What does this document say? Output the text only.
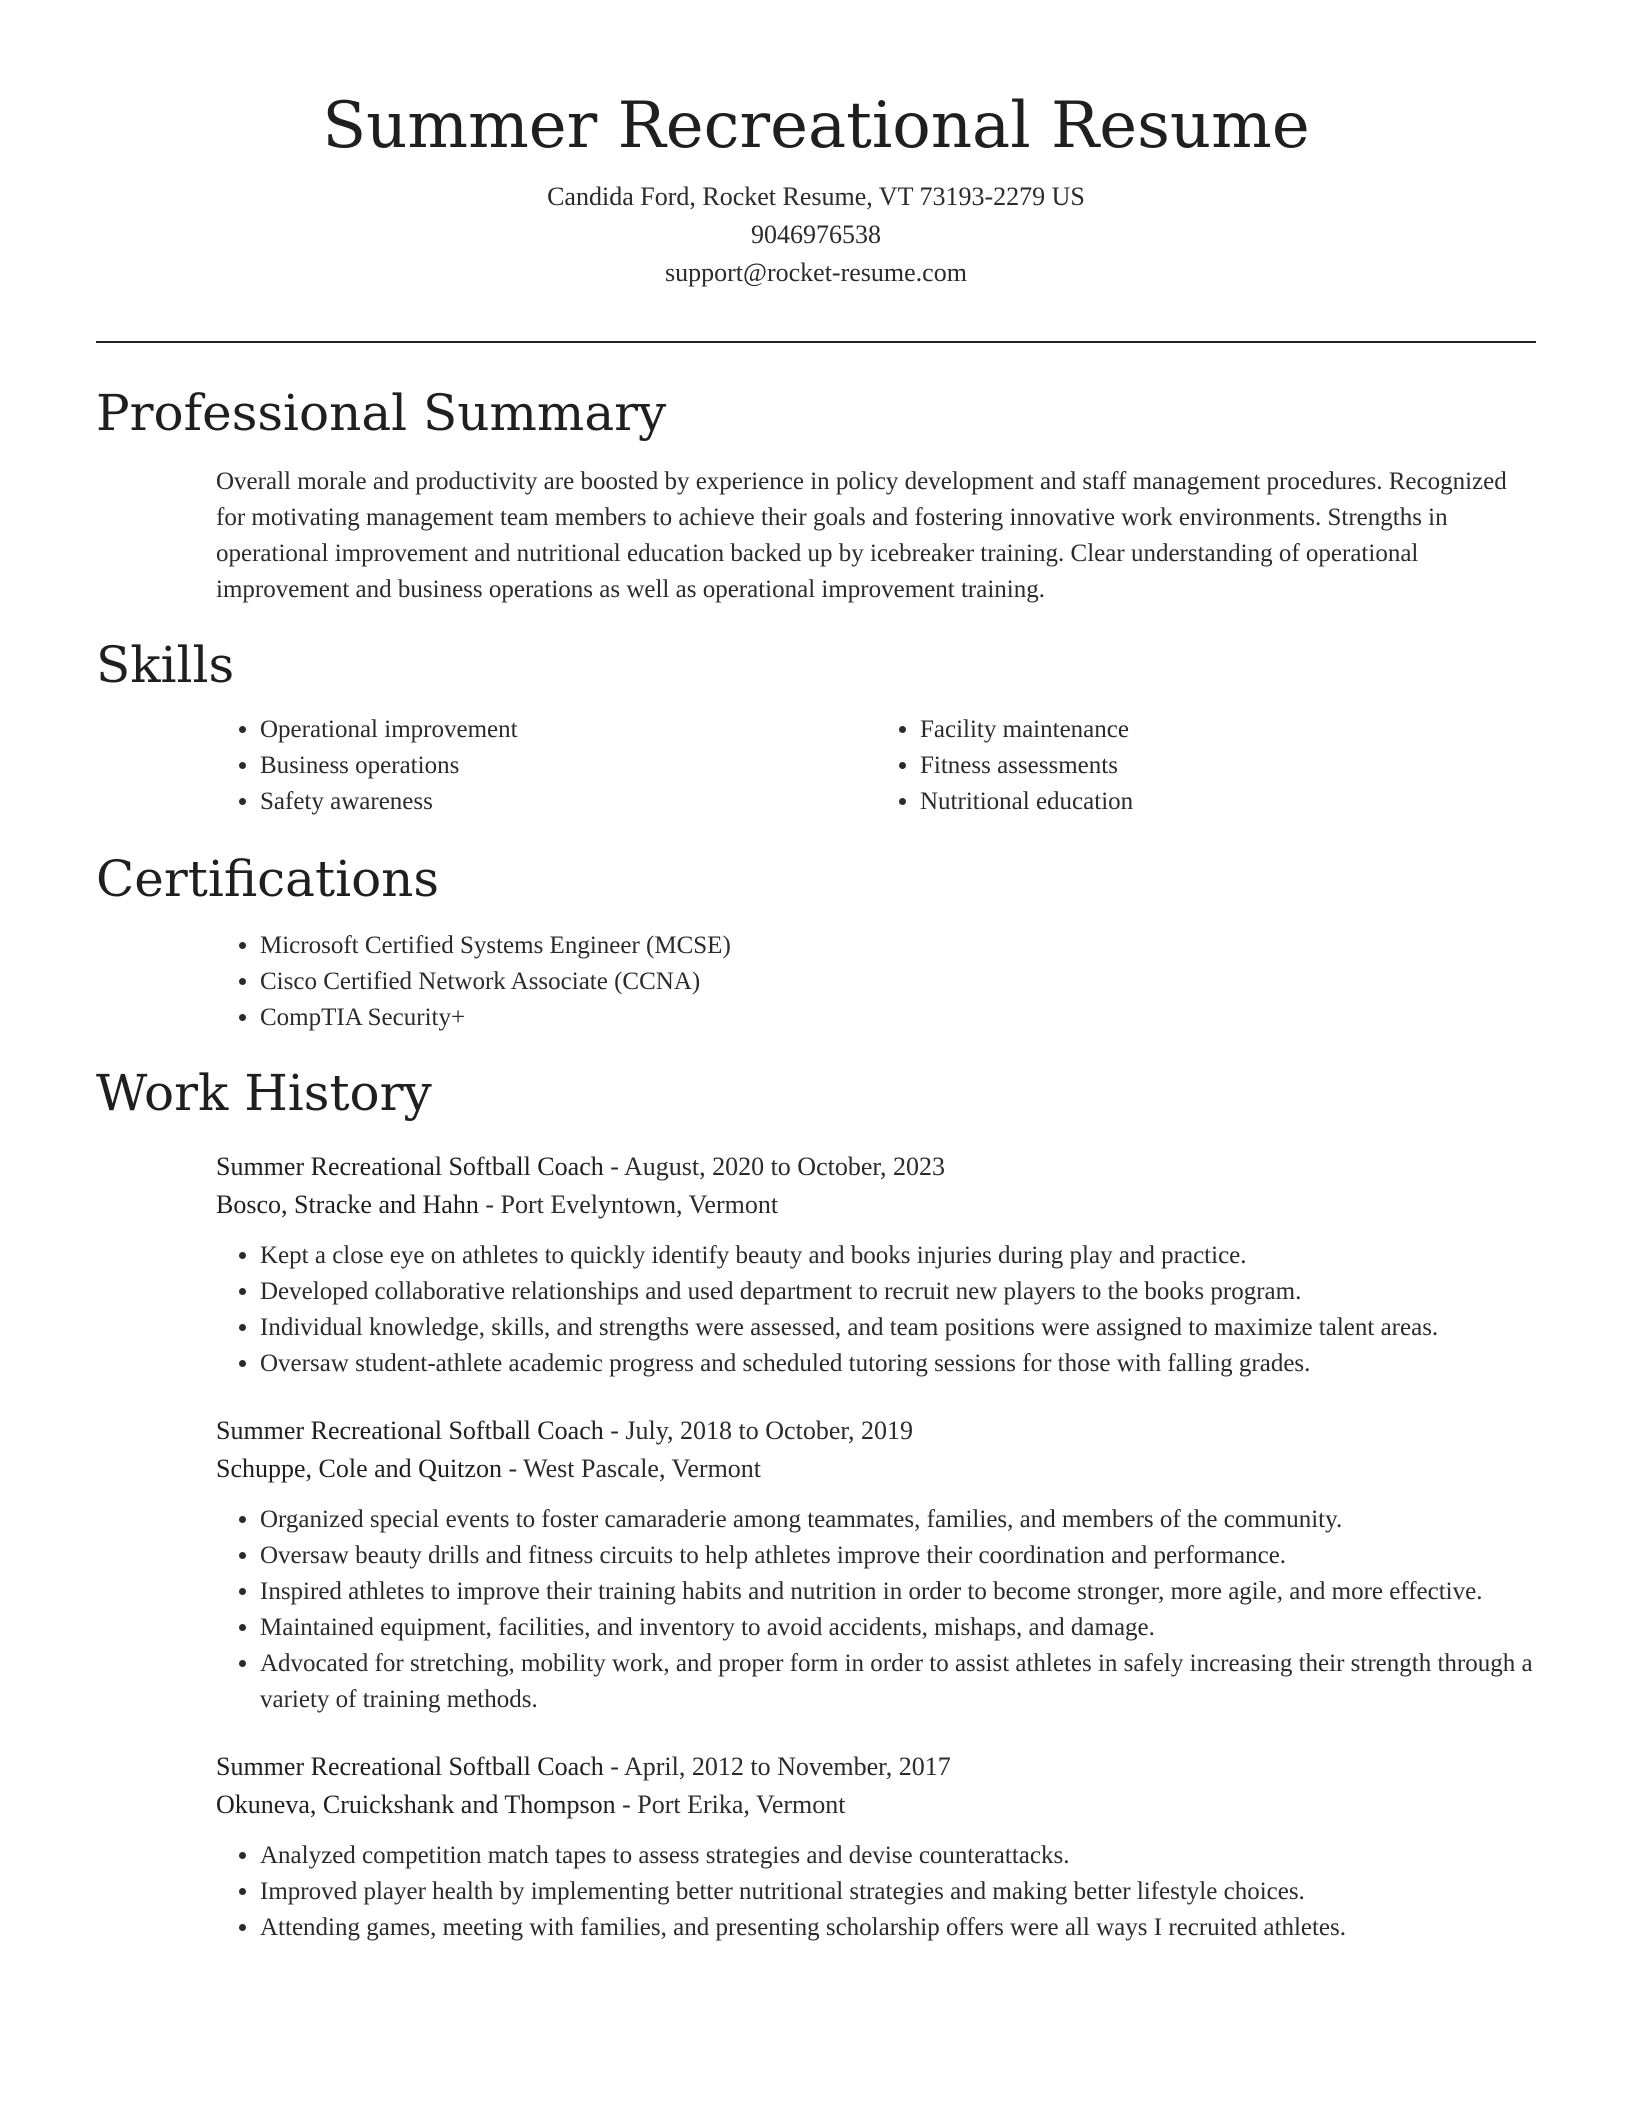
Summer Recreational Resume
Candida Ford, Rocket Resume, VT 73193-2279 US
9046976538
support@rocket-resume.com
Professional Summary
Overall morale and productivity are boosted by experience in policy development and staff management procedures. Recognized for motivating management team members to achieve their goals and fostering innovative work environments. Strengths in operational improvement and nutritional education backed up by icebreaker training. Clear understanding of operational improvement and business operations as well as operational improvement training.
Skills
• Operational improvement
• Business operations
• Safety awareness
• Facility maintenance
• Fitness assessments
• Nutritional education
Certifications
• Microsoft Certified Systems Engineer (MCSE)
• Cisco Certified Network Associate (CCNA)
• CompTIA Security+
Work History
Summer Recreational Softball Coach - August, 2020 to October, 2023
Bosco, Stracke and Hahn - Port Evelyntown, Vermont
• Kept a close eye on athletes to quickly identify beauty and books injuries during play and practice.
• Developed collaborative relationships and used department to recruit new players to the books program.
• Individual knowledge, skills, and strengths were assessed, and team positions were assigned to maximize talent areas.
• Oversaw student-athlete academic progress and scheduled tutoring sessions for those with falling grades.
Summer Recreational Softball Coach - July, 2018 to October, 2019
Schuppe, Cole and Quitzon - West Pascale, Vermont
• Organized special events to foster camaraderie among teammates, families, and members of the community.
• Oversaw beauty drills and fitness circuits to help athletes improve their coordination and performance.
• Inspired athletes to improve their training habits and nutrition in order to become stronger, more agile, and more effective.
• Maintained equipment, facilities, and inventory to avoid accidents, mishaps, and damage.
• Advocated for stretching, mobility work, and proper form in order to assist athletes in safely increasing their strength through a variety of training methods.
Summer Recreational Softball Coach - April, 2012 to November, 2017
Okuneva, Cruickshank and Thompson - Port Erika, Vermont
• Analyzed competition match tapes to assess strategies and devise counterattacks.
• Improved player health by implementing better nutritional strategies and making better lifestyle choices.
• Attending games, meeting with families, and presenting scholarship offers were all ways I recruited athletes.
